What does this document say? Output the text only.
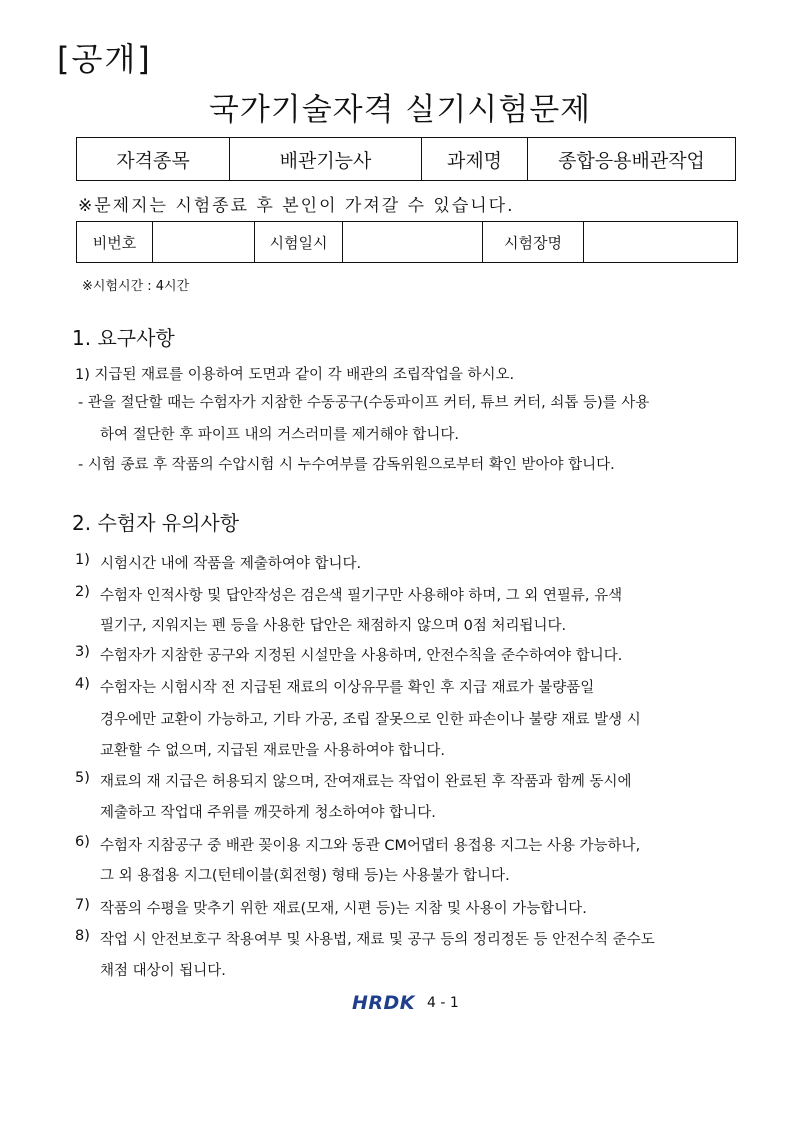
[공개]
국가기술자격 실기시험문제
자격종목	배관기능사	과제명	종합응용배관작업
※문제지는 시험종료 후 본인이 가져갈 수 있습니다.
비번호		시험일시		시험장명	
※시험시간 : 4시간
1. 요구사항
1) 지급된 재료를 이용하여 도면과 같이 각 배관의 조립작업을 하시오.
- 관을 절단할 때는 수험자가 지참한 수동공구(수동파이프 커터, 튜브 커터, 쇠톱 등)를 사용
하여 절단한 후 파이프 내의 거스러미를 제거해야 합니다.
- 시험 종료 후 작품의 수압시험 시 누수여부를 감독위원으로부터 확인 받아야 합니다.
2. 수험자 유의사항
1) 시험시간 내에 작품을 제출하여야 합니다.
2) 수험자 인적사항 및 답안작성은 검은색 필기구만 사용해야 하며, 그 외 연필류, 유색
필기구, 지워지는 펜 등을 사용한 답안은 채점하지 않으며 0점 처리됩니다.
3) 수험자가 지참한 공구와 지정된 시설만을 사용하며, 안전수칙을 준수하여야 합니다.
4) 수험자는 시험시작 전 지급된 재료의 이상유무를 확인 후 지급 재료가 불량품일
경우에만 교환이 가능하고, 기타 가공, 조립 잘못으로 인한 파손이나 불량 재료 발생 시
교환할 수 없으며, 지급된 재료만을 사용하여야 합니다.
5) 재료의 재 지급은 허용되지 않으며, 잔여재료는 작업이 완료된 후 작품과 함께 동시에
제출하고 작업대 주위를 깨끗하게 청소하여야 합니다.
6) 수험자 지참공구 중 배관 꽂이용 지그와 동관 CM어댑터 용접용 지그는 사용 가능하나,
그 외 용접용 지그(턴테이블(회전형) 형태 등)는 사용불가 합니다.
7) 작품의 수평을 맞추기 위한 재료(모재, 시편 등)는 지참 및 사용이 가능합니다.
8) 작업 시 안전보호구 착용여부 및 사용법, 재료 및 공구 등의 정리정돈 등 안전수칙 준수도
채점 대상이 됩니다.
HRDK 4 - 1
